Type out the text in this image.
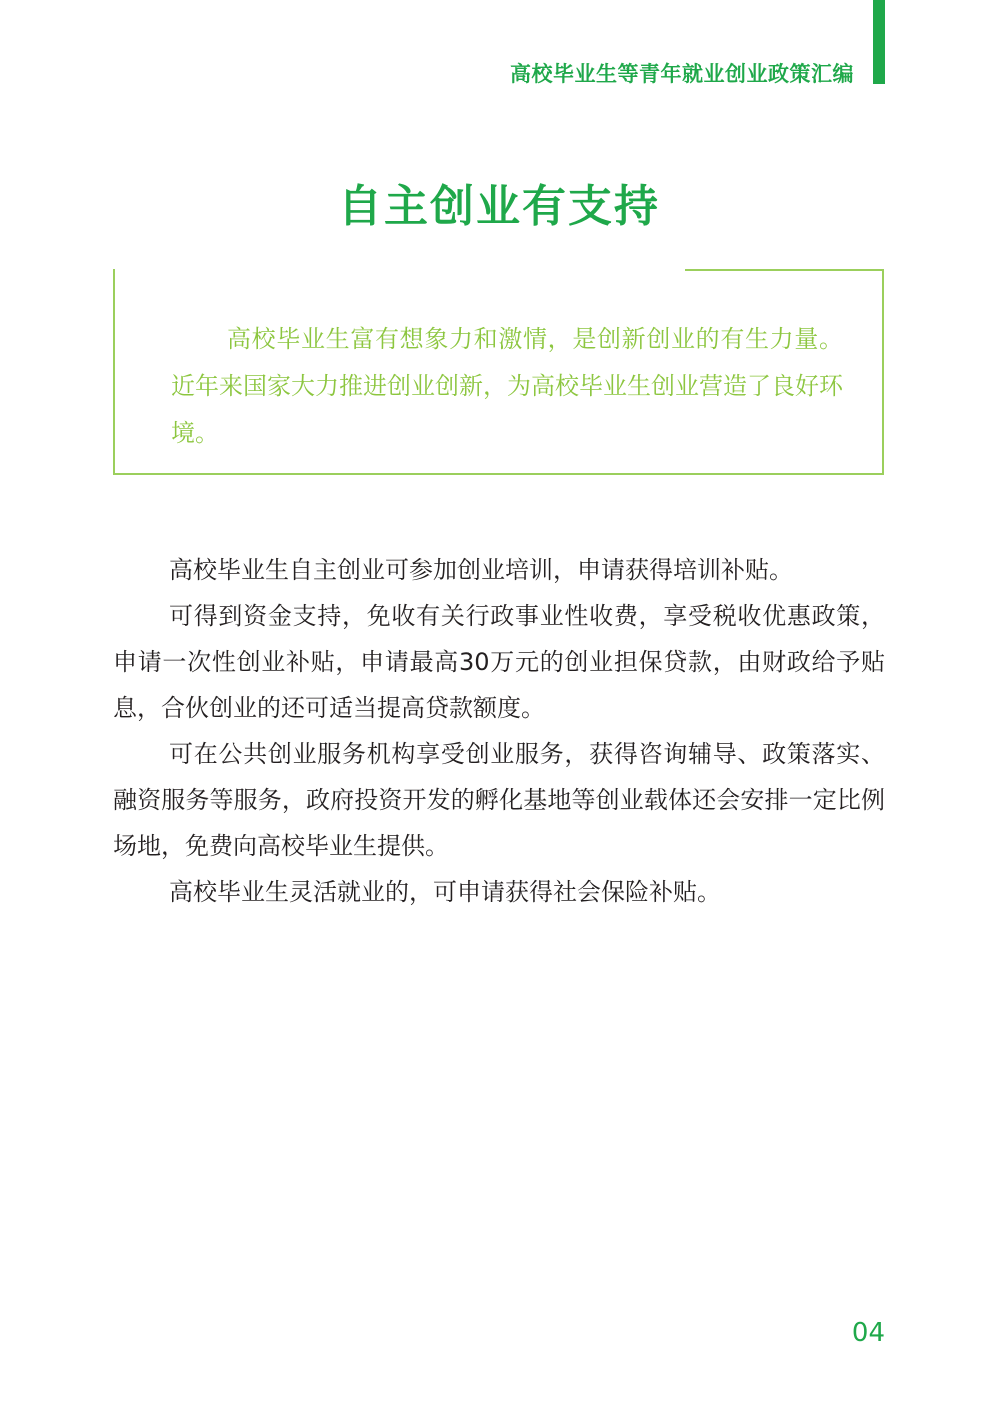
高校毕业生等青年就业创业政策汇编
自主创业有支持

高校毕业生富有想象力和激情，是创新创业的有生力量。近年来国家大力推进创业创新，为高校毕业生创业营造了良好环境。

高校毕业生自主创业可参加创业培训，申请获得培训补贴。

可得到资金支持，免收有关行政事业性收费，享受税收优惠政策，申请一次性创业补贴，申请最高30万元的创业担保贷款，由财政给予贴息，合伙创业的还可适当提高贷款额度。

可在公共创业服务机构享受创业服务，获得咨询辅导、政策落实、融资服务等服务，政府投资开发的孵化基地等创业载体还会安排一定比例场地，免费向高校毕业生提供。

高校毕业生灵活就业的，可申请获得社会保险补贴。

04
